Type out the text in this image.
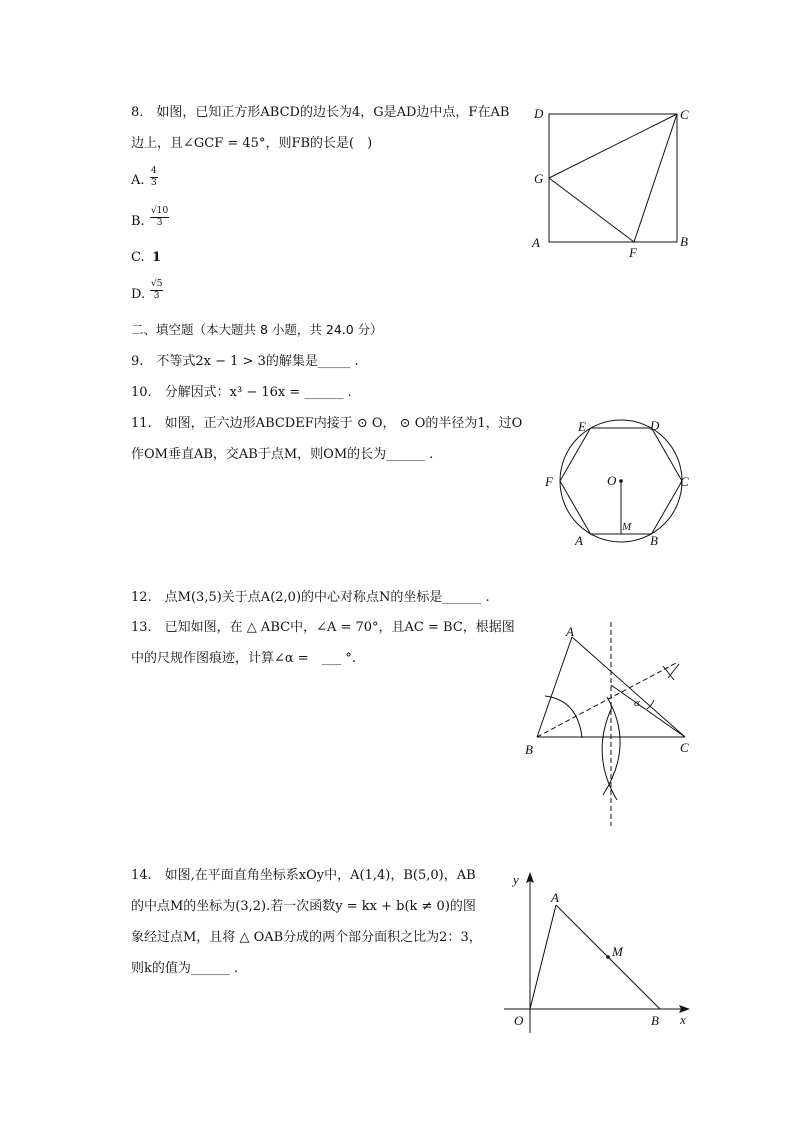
8.　如图，已知正方形ABCD的边长为4，G是AD边中点，F在AB
边上，且∠GCF = 45°，则FB的长是(　)
A. $\frac{4}{3}$
B. $\frac{√10}{3}$
C. 1
D. $\frac{√5}{3}$
二、填空题（本大题共 8 小题，共 24.0 分）
9.　不等式2x − 1 > 3的解集是_____ .
10.　分解因式：x³ − 16x = ______ .
11.　如图，正六边形ABCDEF内接于 ⊙ O， ⊙ O的半径为1，过O
作OM垂直AB，交AB于点M，则OM的长为______ .
12.　点M(3,5)关于点A(2,0)的中心对称点N的坐标是______ .
13.　已知如图，在 △ ABC中，∠A = 70°，且AC = BC，根据图
中的尺规作图痕迹，计算∠α =　___ °.
14.　如图,在平面直角坐标系xOy中，A(1,4)，B(5,0)，AB
的中点M的坐标为(3,2).若一次函数y = kx + b(k ≠ 0)的图
象经过点M，且将 △ OAB分成的两个部分面积之比为2：3，
则k的值为______ .
D	C
G
A	B
F
E	D
F	O	C
M
A	B
A
B	C
α
y
x
O
A
B
M
